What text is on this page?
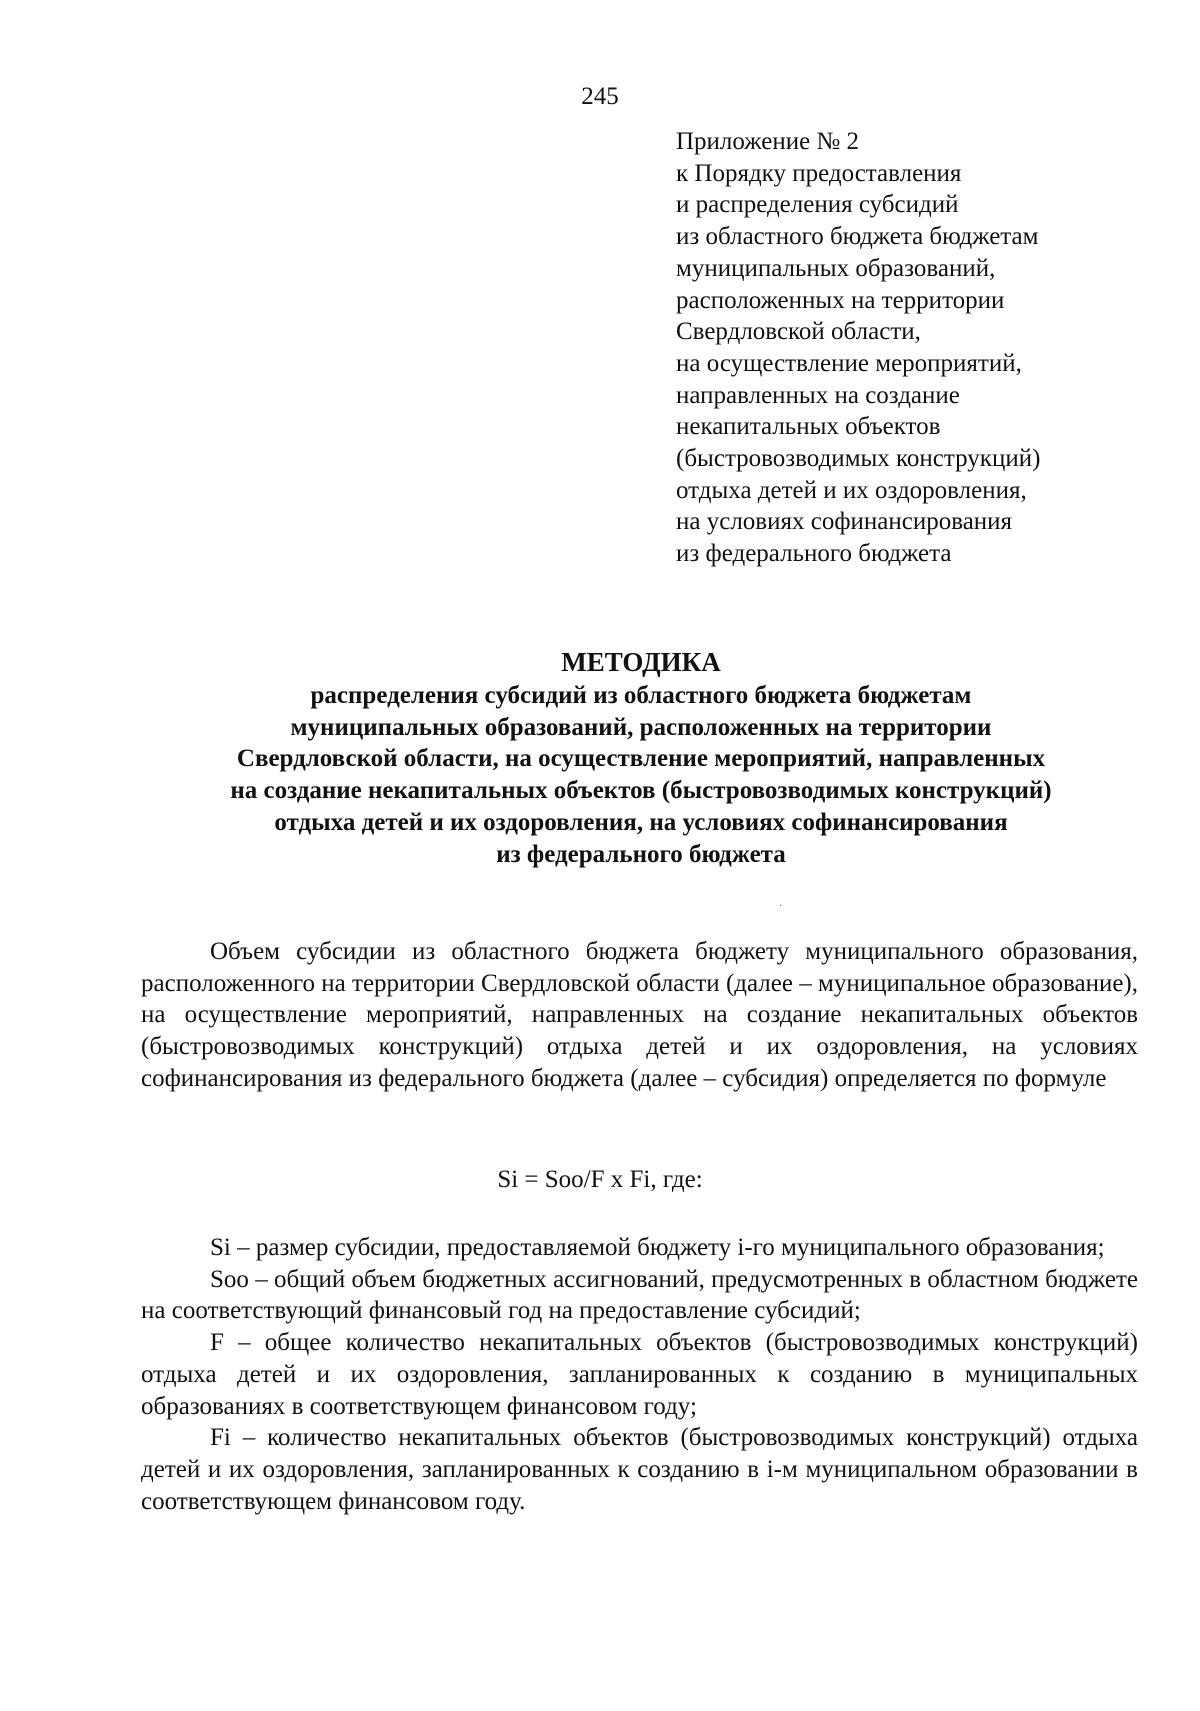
245
Приложение № 2
к Порядку предоставления
и распределения субсидий
из областного бюджета бюджетам
муниципальных образований,
расположенных на территории
Свердловской области,
на осуществление мероприятий,
направленных на создание
некапитальных объектов
(быстровозводимых конструкций)
отдыха детей и их оздоровления,
на условиях софинансирования
из федерального бюджета
МЕТОДИКА
распределения субсидий из областного бюджета бюджетам
муниципальных образований, расположенных на территории
Свердловской области, на осуществление мероприятий, направленных
на создание некапитальных объектов (быстровозводимых конструкций)
отдыха детей и их оздоровления, на условиях софинансирования
из федерального бюджета
·

Объем субсидии из областного бюджета бюджету муниципального образования, расположенного на территории Свердловской области (далее – муниципальное образование), на осуществление мероприятий, направленных на создание некапитальных объектов (быстровозводимых конструкций) отдыха детей и их оздоровления, на условиях софинансирования из федерального бюджета (далее – субсидия) определяется по формуле

Si = Soo/F x Fi, где:

Si – размер субсидии, предоставляемой бюджету i-го муниципального образования;

Soo – общий объем бюджетных ассигнований, предусмотренных в областном бюджете на соответствующий финансовый год на предоставление субсидий;

F – общее количество некапитальных объектов (быстровозводимых конструкций) отдыха детей и их оздоровления, запланированных к созданию в муниципальных образованиях в соответствующем финансовом году;

Fi – количество некапитальных объектов (быстровозводимых конструкций) отдыха детей и их оздоровления, запланированных к созданию в i-м муниципальном образовании в соответствующем финансовом году.
